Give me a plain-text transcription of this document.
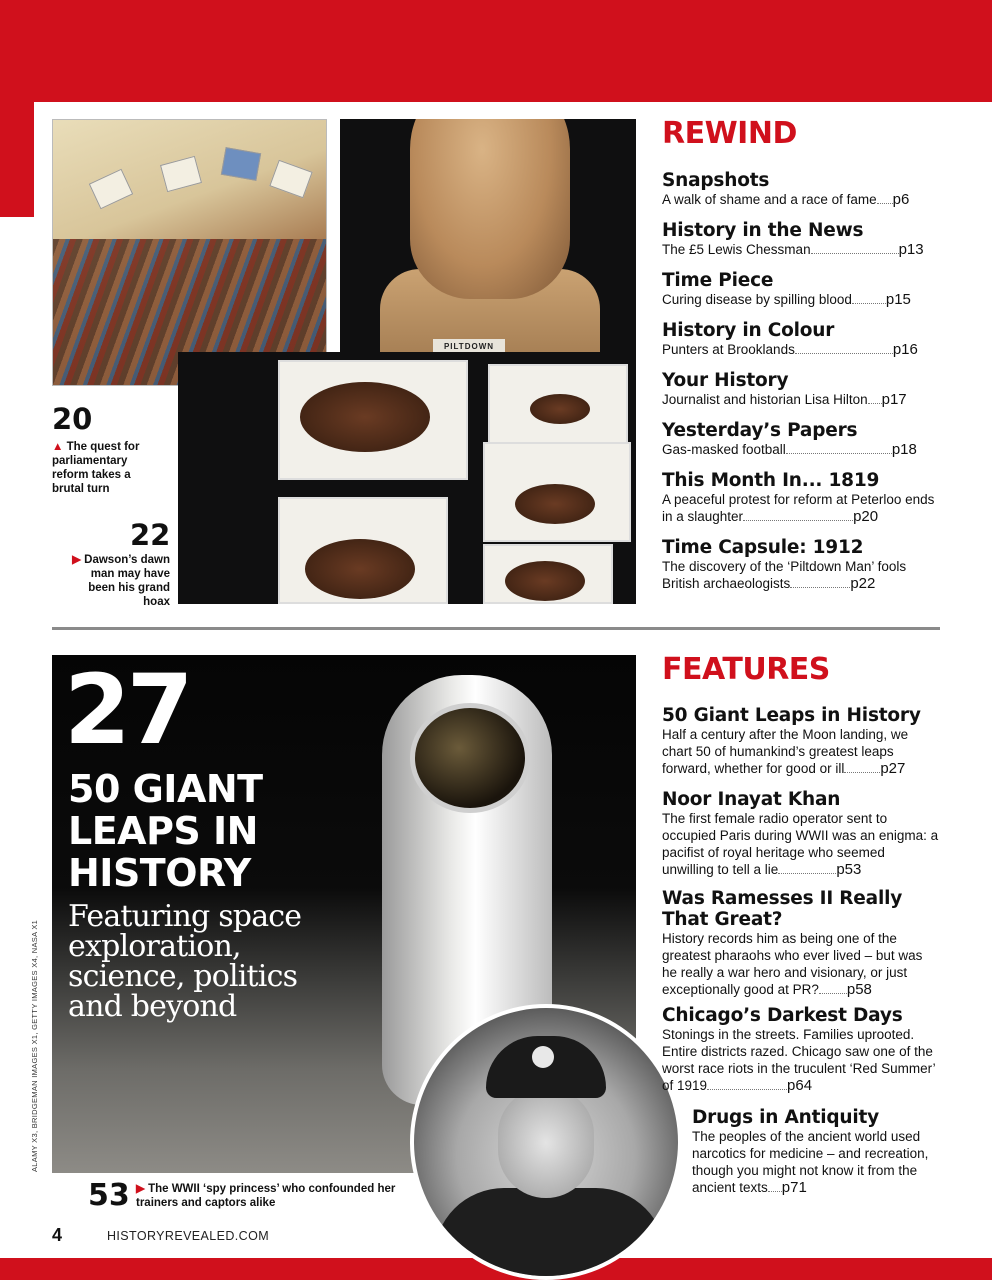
PILTDOWN
20
▲ The quest for parliamentary reform takes a brutal turn
22
▶ Dawson’s dawn man may have been his grand hoax
27
50 GIANT LEAPS IN HISTORY
Featuring space exploration, science, politics and beyond
ALAMY X3, BRIDGEMAN IMAGES X1, GETTY IMAGES X4, NASA X1
53 ▶ The WWII ‘spy princess’ who confounded her trainers and captors alike
REWIND
Snapshots
A walk of shame and a race of fame p6
History in the News
The £5 Lewis Chessman	p13
Time Piece
Curing disease by spilling blood p15
History in Colour
Punters at Brooklands	p16
Your History
Journalist and historian Lisa Hilton p17
Yesterday’s Papers
Gas-masked football	p18
This Month In... 1819
A peaceful protest for reform at Peterloo ends in a slaughter	p20
Time Capsule: 1912
The discovery of the ‘Piltdown Man’ fools British archaeologists	p22
FEATURES
50 Giant Leaps in History
Half a century after the Moon landing, we chart 50 of humankind’s greatest leaps forward, whether for good or ill p27
Noor Inayat Khan
The first female radio operator sent to occupied Paris during WWII was an enigma: a pacifist of royal heritage who seemed unwilling to tell a lie	p53
Was Ramesses II Really That Great?
History records him as being one of the greatest pharaohs who ever lived – but was he really a war hero and visionary, or just exceptionally good at PR? p58
Chicago’s Darkest Days
Stonings in the streets. Families uprooted. Entire districts razed. Chicago saw one of the worst race riots in the truculent ‘Red Summer’ of 1919	p64
Drugs in Antiquity
The peoples of the ancient world used narcotics for medicine – and recreation, though you might not know it from the ancient texts p71
4	HISTORYREVEALED.COM
